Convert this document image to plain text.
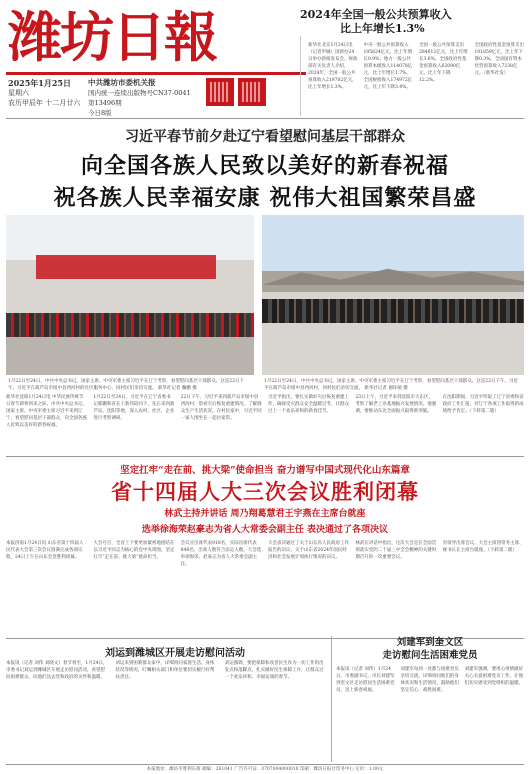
潍坊日報
2025年1月25日
星期六
农历甲辰年 十二月廿六
中共潍坊市委机关报
国内统一连续出版物号CN37-0041
第13496期
今日8版
2024年全国一般公共预算收入
比上年增长1.3%
新华社北京1月24日电（记者申铖）国新办24日举办新闻发布会。财政部有关负责人介绍，2024年，全国一般公共预算收入219702亿元，比上年增长1.3%。
中央一般公共预算收入105624亿元，比上年增长0.9%；地方一般公共预算本级收入114078亿元，比上年增长1.7%。全国税收收入174972亿元，比上年下降3.4%。
全国一般公共预算支出284612亿元，比上年增长3.6%。全国政府性基金预算收入62090亿元，比上年下降12.2%。
全国政府性基金预算支出101859亿元，比上年下降0.3%。全国国有资本经营预算收入7238亿元。（新华社发）
习近平春节前夕赴辽宁看望慰问基层干部群众
向全国各族人民致以美好的新春祝福
祝各族人民幸福安康 祝伟大祖国繁荣昌盛
1月22日至24日，中共中央总书记、国家主席、中央军委主席习近平在辽宁考察，看望慰问基层干部群众。这是22日下午，习近平在葫芦岛市绥中县西河村的社区服务中心，同村民们亲切交流。 新华社记者 鞠鹏 摄
1月22日至24日，中共中央总书记、国家主席、中央军委主席习近平在辽宁考察，看望慰问基层干部群众。这是22日下午，习近平在葫芦岛市绥中县西河村，同村民们亲切交流。 新华社记者 谢环驰 摄
新华社沈阳1月24日电 中华民族传统节日春节即将到来之际，中共中央总书记、国家主席、中央军委主席习近平来到辽宁，看望慰问基层干部群众，向全国各族人民致以美好的新春祝福。
1月22日至24日，习近平在辽宁省委书记郝鹏和省长王新伟陪同下，先后来到葫芦岛、沈阳等地，深入农村、社区、企业进行考察调研。
22日下午，习近平来到葫芦岛市绥中县西河村，察看灾后恢复重建情况，了解群众生产生活状况。在村民家中，习近平同一家人围坐在一起拉家常。
习近平指出，要扎实做好灾后恢复重建工作，确保受灾群众安全温暖过冬，让群众过上一个欢乐祥和的新春佳节。
23日上午，习近平来到沈阳市大东区，考察了解老工业基地振兴发展情况。他强调，要推动东北全面振兴取得新突破。
在沈阳期间，习近平听取了辽宁省委和省政府工作汇报，对辽宁各项工作取得的成绩给予肯定。（下转第二版）
坚定扛牢“走在前、挑大梁”使命担当 奋力谱写中国式现代化山东篇章
省十四届人大三次会议胜利闭幕
林武主持并讲话 周乃翔葛慧君王宇燕在主席台就座
选举徐海荣赵豪志为省人大常委会副主任 表决通过了各项决议
本报济南1月24日讯 山东省第十四届人民代表大会第三次会议圆满完成各项议程，24日上午在山东会堂胜利闭幕。
大会号召，全省上下要更加紧密地团结在以习近平同志为核心的党中央周围，坚定扛牢“走在前、挑大梁”使命担当。
会议应出席代表918名，实际出席代表848名，出席人数符合法定人数。大会选举徐海荣、赵豪志为省人大常委会副主任。
大会表决通过了关于山东省人民政府工作报告的决议、关于山东省2024年国民经济和社会发展计划执行情况的决议。
林武在讲话中指出，这次大会是在全面贯彻落实党的二十届三中全会精神的关键时期召开的一次重要会议。
省领导出席会议。大会主席团常务主席、秘书长在主席台就座。（下转第二版）
刘运到潍城区开展走访慰问活动
本报讯（记者 刘伟 刘晓文）春节将至，1月24日，市委书记刘运到潍城区开展走访慰问活动，看望慰问困难群众，向他们送去党和政府的关怀和温暖。
刘运来到困难群众家中，详细询问家庭生活、身体状况等情况，叮嘱相关部门和单位要切实履行好帮扶责任。
刘运强调，要把保障和改善民生作为一切工作的出发点和落脚点，扎实做好民生保障工作，让群众过一个欢乐祥和、幸福安康的春节。
刘建军到奎文区
走访慰问生活困难党员
本报讯（记者 刘伟）1月24日，市委副书记、市长刘建军到奎文区走访慰问生活困难党员，送上新春祝福。
刘建军每到一处都与困难党员亲切交流，详细询问他们的身体状况和生活情况，鼓励他们坚定信心、战胜困难。
刘建军强调，要用心用情做好关心关爱困难党员工作，让他们切实感受到党组织的温暖。
本报地址：潍坊市胜利东街 邮编：261041 广告许可证：3707004000010 印刷：潍坊日报社印务中心 定价：1.00元
